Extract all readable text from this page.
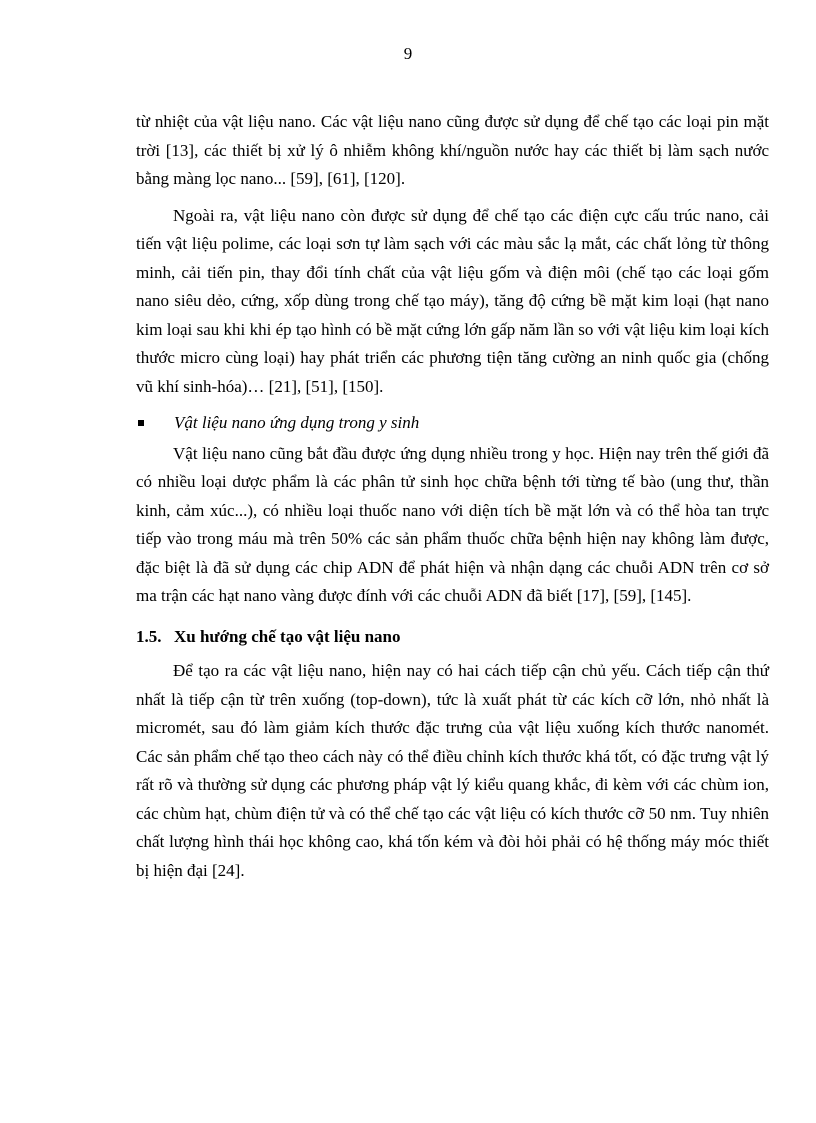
9

từ nhiệt của vật liệu nano. Các vật liệu nano cũng được sử dụng để chế tạo các loại pin mặt trời [13], các thiết bị xử lý ô nhiễm không khí/nguồn nước hay các thiết bị làm sạch nước bằng màng lọc nano... [59], [61], [120].

Ngoài ra, vật liệu nano còn được sử dụng để chế tạo các điện cực cấu trúc nano, cải tiến vật liệu polime, các loại sơn tự làm sạch với các màu sắc lạ mắt, các chất lỏng từ thông minh, cải tiến pin, thay đổi tính chất của vật liệu gốm và điện môi (chế tạo các loại gốm nano siêu dẻo, cứng, xốp dùng trong chế tạo máy), tăng độ cứng bề mặt kim loại (hạt nano kim loại sau khi khi ép tạo hình có bề mặt cứng lớn gấp năm lần so với vật liệu kim loại kích thước micro cùng loại) hay phát triển các phương tiện tăng cường an ninh quốc gia (chống vũ khí sinh-hóa)… [21], [51], [150].

Vật liệu nano ứng dụng trong y sinh

Vật liệu nano cũng bắt đầu được ứng dụng nhiều trong y học. Hiện nay trên thế giới đã có nhiều loại dược phẩm là các phân tử sinh học chữa bệnh tới từng tế bào (ung thư, thần kinh, cảm xúc...), có nhiều loại thuốc nano với diện tích bề mặt lớn và có thể hòa tan trực tiếp vào trong máu mà trên 50% các sản phẩm thuốc chữa bệnh hiện nay không làm được, đặc biệt là đã sử dụng các chip ADN để phát hiện và nhận dạng các chuỗi ADN trên cơ sở ma trận các hạt nano vàng được đính với các chuỗi ADN đã biết [17], [59], [145].

1.5. Xu hướng chế tạo vật liệu nano

Để tạo ra các vật liệu nano, hiện nay có hai cách tiếp cận chủ yếu. Cách tiếp cận thứ nhất là tiếp cận từ trên xuống (top-down), tức là xuất phát từ các kích cỡ lớn, nhỏ nhất là micromét, sau đó làm giảm kích thước đặc trưng của vật liệu xuống kích thước nanomét. Các sản phẩm chế tạo theo cách này có thể điều chỉnh kích thước khá tốt, có đặc trưng vật lý rất rõ và thường sử dụng các phương pháp vật lý kiểu quang khắc, đi kèm với các chùm ion, các chùm hạt, chùm điện tử và có thể chế tạo các vật liệu có kích thước cỡ 50 nm. Tuy nhiên chất lượng hình thái học không cao, khá tốn kém và đòi hỏi phải có hệ thống máy móc thiết bị hiện đại [24].
